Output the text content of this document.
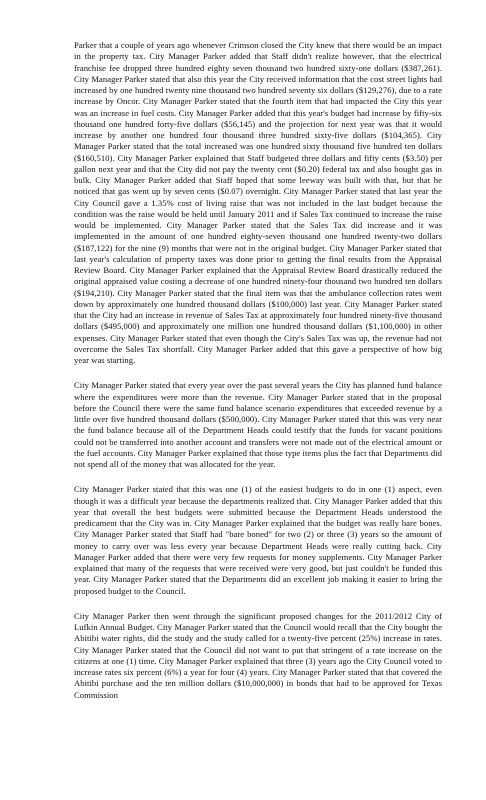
Parker that a couple of years ago whenever Crimson closed the City knew that there would be an impact in the property tax. City Manager Parker added that Staff didn't realize however, that the electrical franchise fee dropped three hundred eighty seven thousand two hundred sixty-one dollars ($387,261). City Manager Parker stated that also this year the City received information that the cost street lights had increased by one hundred twenty nine thousand two hundred seventy six dollars ($129,276), due to a rate increase by Oncor. City Manager Parker stated that the fourth item that had impacted the City this year was an increase in fuel costs. City Manager Parker added that this year's budget had increase by fifty-six thousand one hundred forty-five dollars ($56,145) and the projection for next year was that it would increase by another one hundred four thousand three hundred sixty-five dollars ($104,365). City Manager Parker stated that the total increased was one hundred sixty thousand five hundred ten dollars ($160,510). City Manager Parker explained that Staff budgeted three dollars and fifty cents ($3.50) per gallon next year and that the City did not pay the twenty cent ($0.20) federal tax and also bought gas in bulk. City Manager Parker added that Staff hoped that some leeway was built with that, but that he noticed that gas went up by seven cents ($0.07) overnight. City Manager Parker stated that last year the City Council gave a 1.35% cost of living raise that was not included in the last budget because the condition was the raise would be held until January 2011 and if Sales Tax continued to increase the raise would be implemented. City Manager Parker stated that the Sales Tax did increase and it was implemented in the amount of one hundred eighty-seven thousand one hundred twenty-two dollars ($187,122) for the nine (9) months that were not in the original budget. City Manager Parker stated that last year's calculation of property taxes was done prior to getting the final results from the Appraisal Review Board. City Manager Parker explained that the Appraisal Review Board drastically reduced the original appraised value costing a decrease of one hundred ninety-four thousand two hundred ten dollars ($194,210). City Manager Parker stated that the final item was that the ambulance collection rates went down by approximately one hundred thousand dollars ($100,000) last year. City Manager Parker stated that the City had an increase in revenue of Sales Tax at approximately four hundred ninety-five thousand dollars ($495,000) and approximately one million one hundred thousand dollars ($1,100,000) in other expenses. City Manager Parker stated that even though the City's Sales Tax was up, the revenue had not overcome the Sales Tax shortfall. City Manager Parker added that this gave a perspective of how big year was starting.

City Manager Parker stated that every year over the past several years the City has planned fund balance where the expenditures were more than the revenue. City Manager Parker stated that in the proposal before the Council there were the same fund balance scenario expenditures that exceeded revenue by a little over five hundred thousand dollars ($500,000). City Manager Parker stated that this was very near the fund balance because all of the Department Heads could testify that the funds for vacant positions could not be transferred into another account and transfers were not made out of the electrical amount or the fuel accounts. City Manager Parker explained that those type items plus the fact that Departments did not spend all of the money that was allocated for the year.

City Manager Parker stated that this was one (1) of the easiest budgets to do in one (1) aspect, even though it was a difficult year because the departments realized that. City Manager Parker added that this year that overall the best budgets were submitted because the Department Heads understood the predicament that the City was in. City Manager Parker explained that the budget was really bare bones. City Manager Parker stated that Staff had "bare boned" for two (2) or three (3) years so the amount of money to carry over was less every year because Department Heads were really cutting back. City Manager Parker added that there were very few requests for money supplements. City Manager Parker explained that many of the requests that were received were very good, but just couldn't be funded this year. City Manager Parker stated that the Departments did an excellent job making it easier to bring the proposed budget to the Council.

City Manager Parker then went through the significant proposed changes for the 2011/2012 City of Lufkin Annual Budget. City Manager Parker stated that the Council would recall that the City bought the Abitibi water rights, did the study and the study called for a twenty-five percent (25%) increase in rates. City Manager Parker stated that the Council did not want to put that stringent of a rate increase on the citizens at one (1) time. City Manager Parker explained that three (3) years ago the City Council voted to increase rates six percent (6%) a year for four (4) years. City Manager Parker stated that that covered the Abitibi purchase and the ten million dollars ($10,000,000) in bonds that had to be approved for Texas Commission
